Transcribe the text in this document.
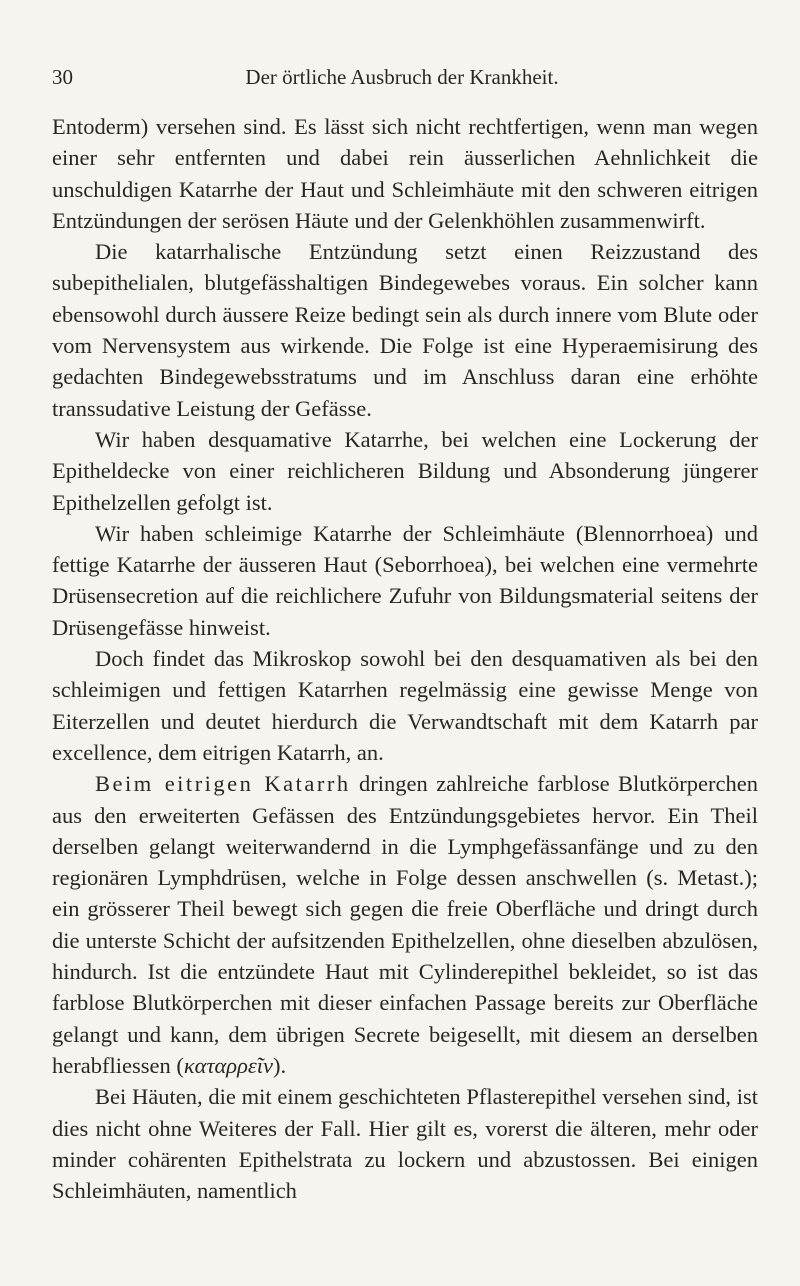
30	Der örtliche Ausbruch der Krankheit.

Entoderm) versehen sind. Es lässt sich nicht rechtfertigen, wenn man wegen einer sehr entfernten und dabei rein äusserlichen Aehnlichkeit die unschuldigen Katarrhe der Haut und Schleimhäute mit den schweren eitrigen Entzündungen der serösen Häute und der Gelenkhöhlen zusammenwirft.

Die katarrhalische Entzündung setzt einen Reizzustand des subepithelialen, blutgefässhaltigen Bindegewebes voraus. Ein solcher kann ebensowohl durch äussere Reize bedingt sein als durch innere vom Blute oder vom Nervensystem aus wirkende. Die Folge ist eine Hyperaemisirung des gedachten Bindegewebsstratums und im Anschluss daran eine erhöhte transsudative Leistung der Gefässe.

Wir haben desquamative Katarrhe, bei welchen eine Lockerung der Epitheldecke von einer reichlicheren Bildung und Absonderung jüngerer Epithelzellen gefolgt ist.

Wir haben schleimige Katarrhe der Schleimhäute (Blennorrhoea) und fettige Katarrhe der äusseren Haut (Seborrhoea), bei welchen eine vermehrte Drüsensecretion auf die reichlichere Zufuhr von Bildungsmaterial seitens der Drüsengefässe hinweist.

Doch findet das Mikroskop sowohl bei den desquamativen als bei den schleimigen und fettigen Katarrhen regelmässig eine gewisse Menge von Eiterzellen und deutet hierdurch die Verwandtschaft mit dem Katarrh par excellence, dem eitrigen Katarrh, an.

Beim eitrigen Katarrh dringen zahlreiche farblose Blutkörperchen aus den erweiterten Gefässen des Entzündungsgebietes hervor. Ein Theil derselben gelangt weiterwandernd in die Lymphgefässanfänge und zu den regionären Lymphdrüsen, welche in Folge dessen anschwellen (s. Metast.); ein grösserer Theil bewegt sich gegen die freie Oberfläche und dringt durch die unterste Schicht der aufsitzenden Epithelzellen, ohne dieselben abzulösen, hindurch. Ist die entzündete Haut mit Cylinderepithel bekleidet, so ist das farblose Blutkörperchen mit dieser einfachen Passage bereits zur Oberfläche gelangt und kann, dem übrigen Secrete beigesellt, mit diesem an derselben herabfliessen (καταρρεῖν).

Bei Häuten, die mit einem geschichteten Pflasterepithel versehen sind, ist dies nicht ohne Weiteres der Fall. Hier gilt es, vorerst die älteren, mehr oder minder cohärenten Epithelstrata zu lockern und abzustossen. Bei einigen Schleimhäuten, namentlich
